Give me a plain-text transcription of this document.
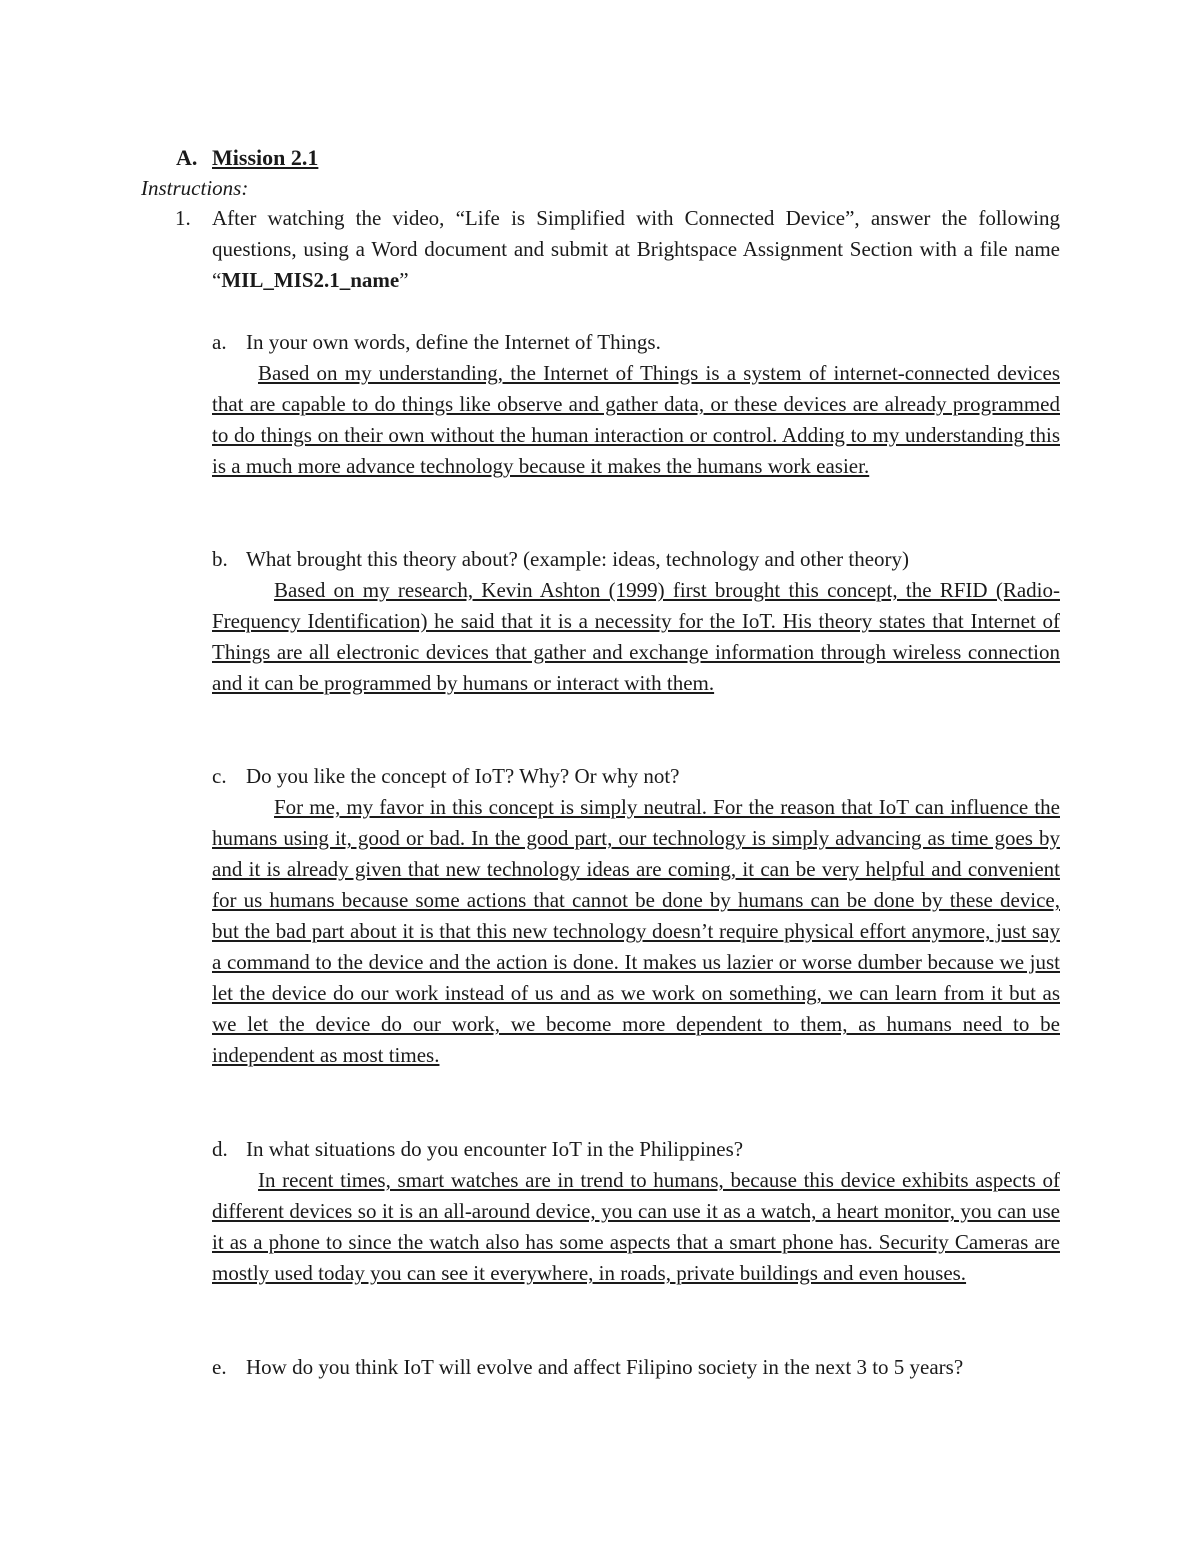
A. Mission 2.1
Instructions:
1. After watching the video, “Life is Simplified with Connected Device”, answer the following questions, using a Word document and submit at Brightspace Assignment Section with a file name “MIL_MIS2.1_name”
a. In your own words, define the Internet of Things.
Based on my understanding, the Internet of Things is a system of internet-connected devices that are capable to do things like observe and gather data, or these devices are already programmed to do things on their own without the human interaction or control. Adding to my understanding this is a much more advance technology because it makes the humans work easier.
b. What brought this theory about? (example: ideas, technology and other theory)
Based on my research, Kevin Ashton (1999) first brought this concept, the RFID (Radio-Frequency Identification) he said that it is a necessity for the IoT. His theory states that Internet of Things are all electronic devices that gather and exchange information through wireless connection and it can be programmed by humans or interact with them.
c. Do you like the concept of IoT? Why? Or why not?
For me, my favor in this concept is simply neutral. For the reason that IoT can influence the humans using it, good or bad. In the good part, our technology is simply advancing as time goes by and it is already given that new technology ideas are coming, it can be very helpful and convenient for us humans because some actions that cannot be done by humans can be done by these device, but the bad part about it is that this new technology doesn’t require physical effort anymore, just say a command to the device and the action is done. It makes us lazier or worse dumber because we just let the device do our work instead of us and as we work on something, we can learn from it but as we let the device do our work, we become more dependent to them, as humans need to be independent as most times.
d. In what situations do you encounter IoT in the Philippines?
In recent times, smart watches are in trend to humans, because this device exhibits aspects of different devices so it is an all-around device, you can use it as a watch, a heart monitor, you can use it as a phone to since the watch also has some aspects that a smart phone has. Security Cameras are mostly used today you can see it everywhere, in roads, private buildings and even houses.
e. How do you think IoT will evolve and affect Filipino society in the next 3 to 5 years?
